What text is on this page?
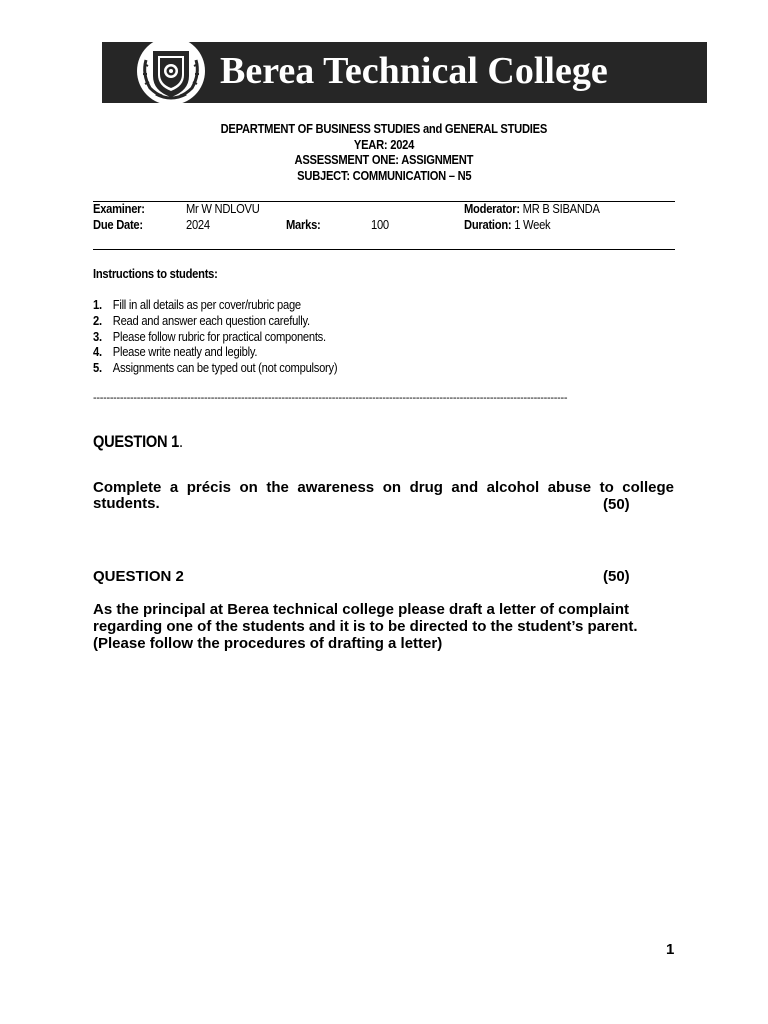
Berea Technical College
DEPARTMENT OF BUSINESS STUDIES and GENERAL STUDIES
YEAR: 2024
ASSESSMENT ONE: ASSIGNMENT
SUBJECT: COMMUNICATION – N5
Examiner:	Mr W NDLOVU	Moderator: MR B SIBANDA
Due Date:	2024	Marks:	100	Duration: 1 Week
Instructions to students:
1. Fill in all details as per cover/rubric page
2. Read and answer each question carefully.
3. Please follow rubric for practical components.
4. Please write neatly and legibly.
5. Assignments can be typed out (not compulsory)
---------------------------------------------------------------------------------------------------------------------------------------------
QUESTION 1.
Complete a précis on the awareness on drug and alcohol abuse to college
students.	(50)
QUESTION 2	(50)
As the principal at Berea technical college please draft a letter of complaint
regarding one of the students and it is to be directed to the student’s parent.
(Please follow the procedures of drafting a letter)
1
